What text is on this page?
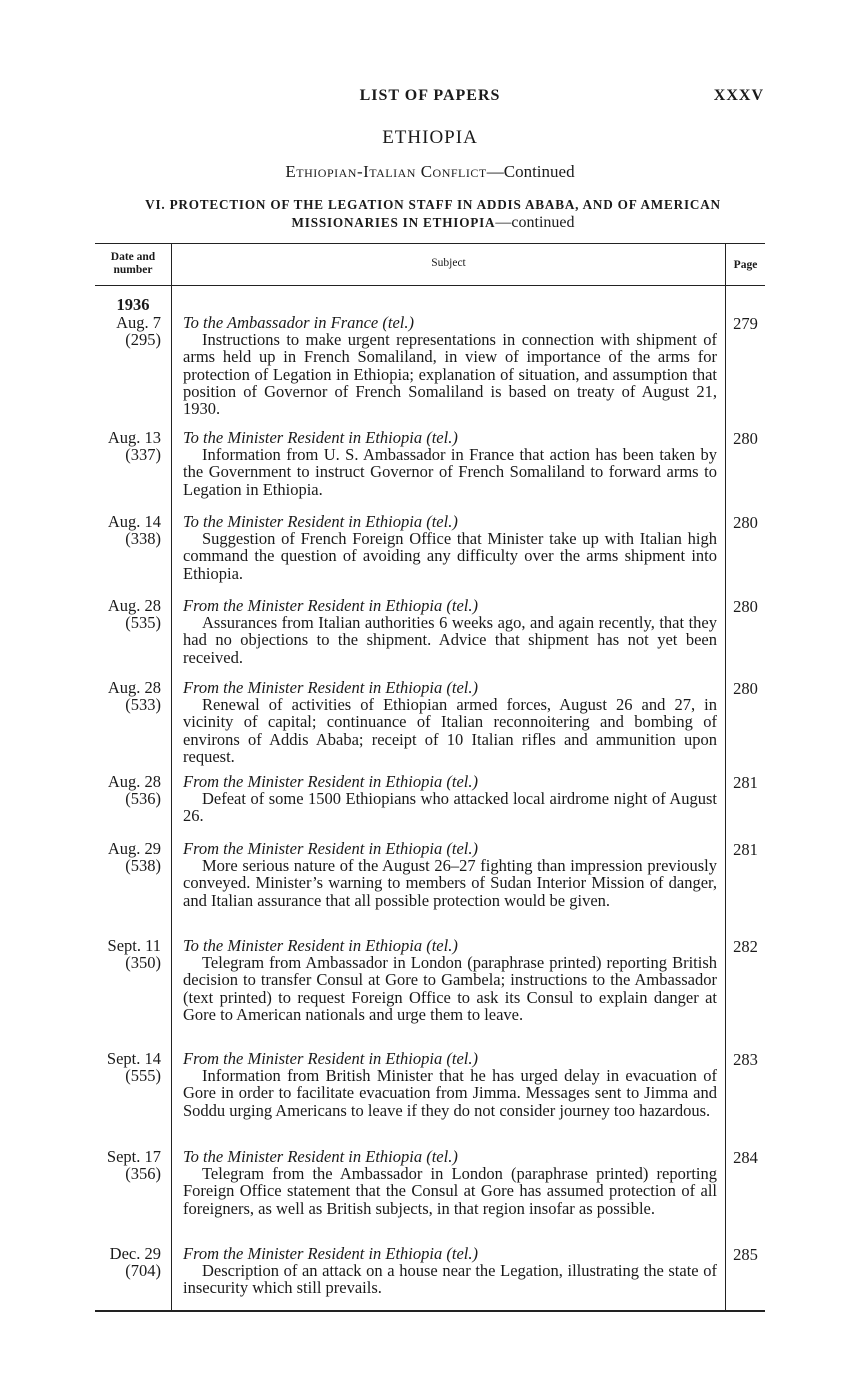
LIST OF PAPERS	XXXV
ETHIOPIA
Ethiopian-Italian Conflict—Continued
VI. PROTECTION OF THE LEGATION STAFF IN ADDIS ABABA, AND OF AMERICAN
MISSIONARIES IN ETHIOPIA—continued
Date and
number
Subject	Page
1936
Aug. 7
(295)
To the Ambassador in France (tel.)
Instructions to make urgent representations in connection with shipment of arms held up in French Somaliland, in view of importance of the arms for protection of Legation in Ethiopia; explanation of situation, and assumption that position of Governor of French Somaliland is based on treaty of August 21, 1930.
279
Aug. 13
(337)
To the Minister Resident in Ethiopia (tel.)
Information from U. S. Ambassador in France that action has been taken by the Government to instruct Governor of French Somaliland to forward arms to Legation in Ethiopia.
280
Aug. 14
(338)
To the Minister Resident in Ethiopia (tel.)
Suggestion of French Foreign Office that Minister take up with Italian high command the question of avoiding any difficulty over the arms shipment into Ethiopia.
280
Aug. 28
(535)
From the Minister Resident in Ethiopia (tel.)
Assurances from Italian authorities 6 weeks ago, and again recently, that they had no objections to the shipment. Advice that shipment has not yet been received.
280
Aug. 28
(533)
From the Minister Resident in Ethiopia (tel.)
Renewal of activities of Ethiopian armed forces, August 26 and 27, in vicinity of capital; continuance of Italian reconnoitering and bombing of environs of Addis Ababa; receipt of 10 Italian rifles and ammunition upon request.
280
Aug. 28
(536)
From the Minister Resident in Ethiopia (tel.)
Defeat of some 1500 Ethiopians who attacked local airdrome night of August 26.
281
Aug. 29
(538)
From the Minister Resident in Ethiopia (tel.)
More serious nature of the August 26–27 fighting than impression previously conveyed. Minister’s warning to members of Sudan Interior Mission of danger, and Italian assurance that all possible protection would be given.
281
Sept. 11
(350)
To the Minister Resident in Ethiopia (tel.)
Telegram from Ambassador in London (paraphrase printed) reporting British decision to transfer Consul at Gore to Gambela; instructions to the Ambassador (text printed) to request Foreign Office to ask its Consul to explain danger at Gore to American nationals and urge them to leave.
282
Sept. 14
(555)
From the Minister Resident in Ethiopia (tel.)
Information from British Minister that he has urged delay in evacuation of Gore in order to facilitate evacuation from Jimma. Messages sent to Jimma and Soddu urging Americans to leave if they do not consider journey too hazardous.
283
Sept. 17
(356)
To the Minister Resident in Ethiopia (tel.)
Telegram from the Ambassador in London (paraphrase printed) reporting Foreign Office statement that the Consul at Gore has assumed protection of all foreigners, as well as British subjects, in that region insofar as possible.
284
Dec. 29
(704)
From the Minister Resident in Ethiopia (tel.)
Description of an attack on a house near the Legation, illustrating the state of insecurity which still prevails.
285
